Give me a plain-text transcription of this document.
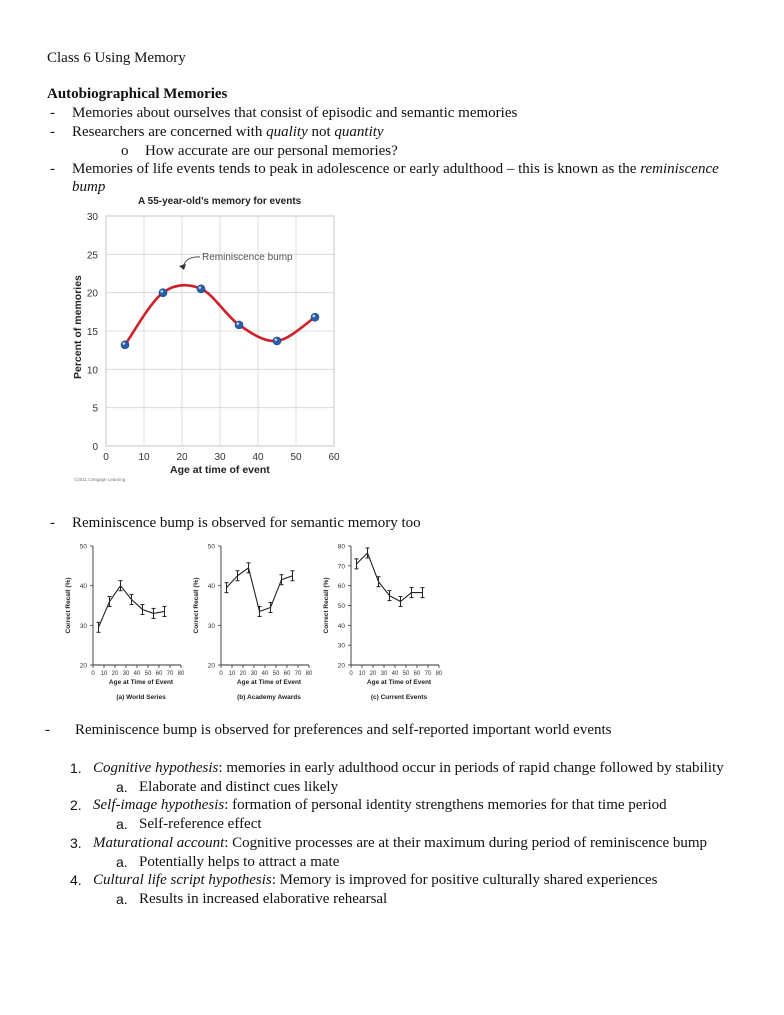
Class 6 Using Memory
Autobiographical Memories
- Memories about ourselves that consist of episodic and semantic memories
- Researchers are concerned with quality not quantity
o How accurate are our personal memories?
- Memories of life events tends to peak in adolescence or early adulthood – this is known as the reminiscence
bump
A 55-year-old’s memory for events
0
5
10
15
20
25
30
0	10	20	30	40	50	60
Percent of memories
Age at time of event
©2011 Cengage Learning
Reminiscence bump
- Reminiscence bump is observed for semantic memory too
20
30
40
50
0 10 20 30 40 50 60 70 80
Age at Time of Event
Correct Recall (%)
(a) World Series
20
30
40
50
0 10 20 30 40 50 60 70 80
Age at Time of Event
Correct Recall (%)
(b) Academy Awards
20
30
40
50
60
70
80
0 10 20 30 40 50 60 70 80
Age at Time of Event
Correct Recall (%)
(c) Current Events
- Reminiscence bump is observed for preferences and self-reported important world events
1. Cognitive hypothesis: memories in early adulthood occur in periods of rapid change followed by stability
a. Elaborate and distinct cues likely
2. Self-image hypothesis: formation of personal identity strengthens memories for that time period
a. Self-reference effect
3. Maturational account: Cognitive processes are at their maximum during period of reminiscence bump
a. Potentially helps to attract a mate
4. Cultural life script hypothesis: Memory is improved for positive culturally shared experiences
a. Results in increased elaborative rehearsal
